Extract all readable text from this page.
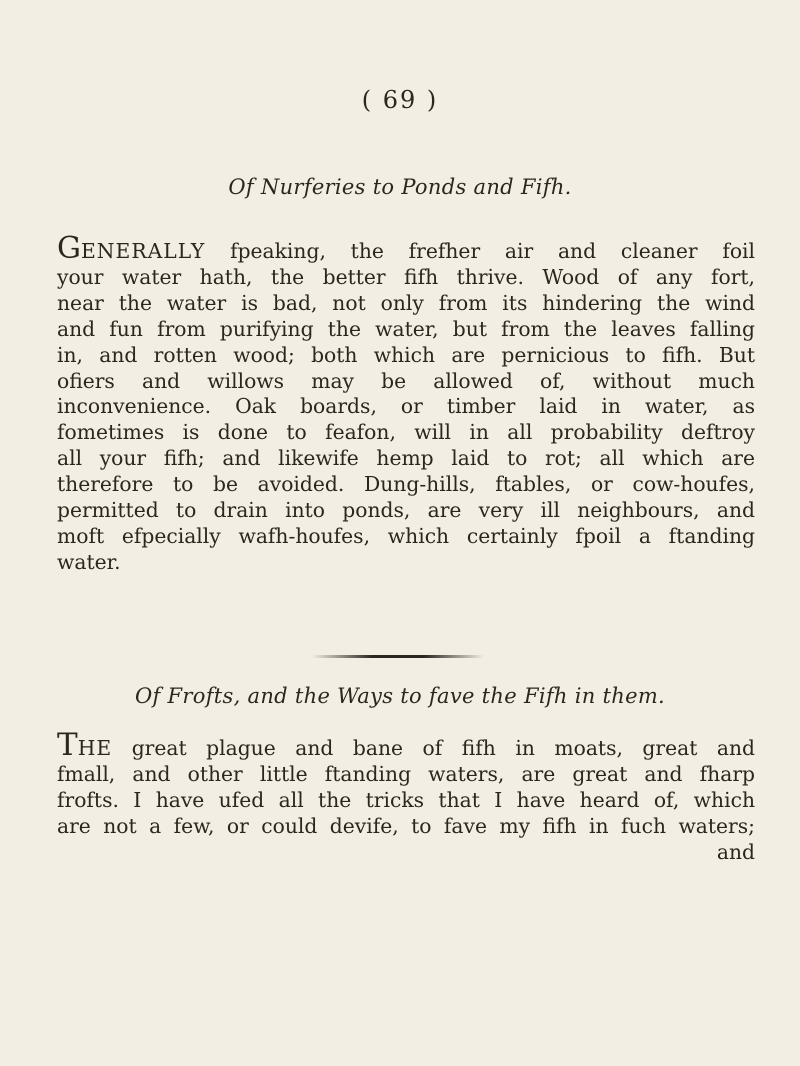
( 69 )
Of Nurferies to Ponds and Fifh.
GENERALLY fpeaking, the frefher air and cleaner foil
your water hath, the better fifh thrive. Wood of any fort,
near the water is bad, not only from its hindering the wind
and fun from purifying the water, but from the leaves falling
in, and rotten wood; both which are pernicious to fifh. But
ofiers and willows may be allowed of, without much
inconvenience. Oak boards, or timber laid in water, as
fometimes is done to feafon, will in all probability deftroy
all your fifh; and likewife hemp laid to rot; all which are
therefore to be avoided. Dung-hills, ftables, or cow-houfes,
permitted to drain into ponds, are very ill neighbours, and
moft efpecially wafh-houfes, which certainly fpoil a ftanding
water.
Of Frofts, and the Ways to fave the Fifh in them.
THE great plague and bane of fifh in moats, great and
fmall, and other little ftanding waters, are great and fharp
frofts. I have ufed all the tricks that I have heard of, which
are not a few, or could devife, to fave my fifh in fuch waters;
and
